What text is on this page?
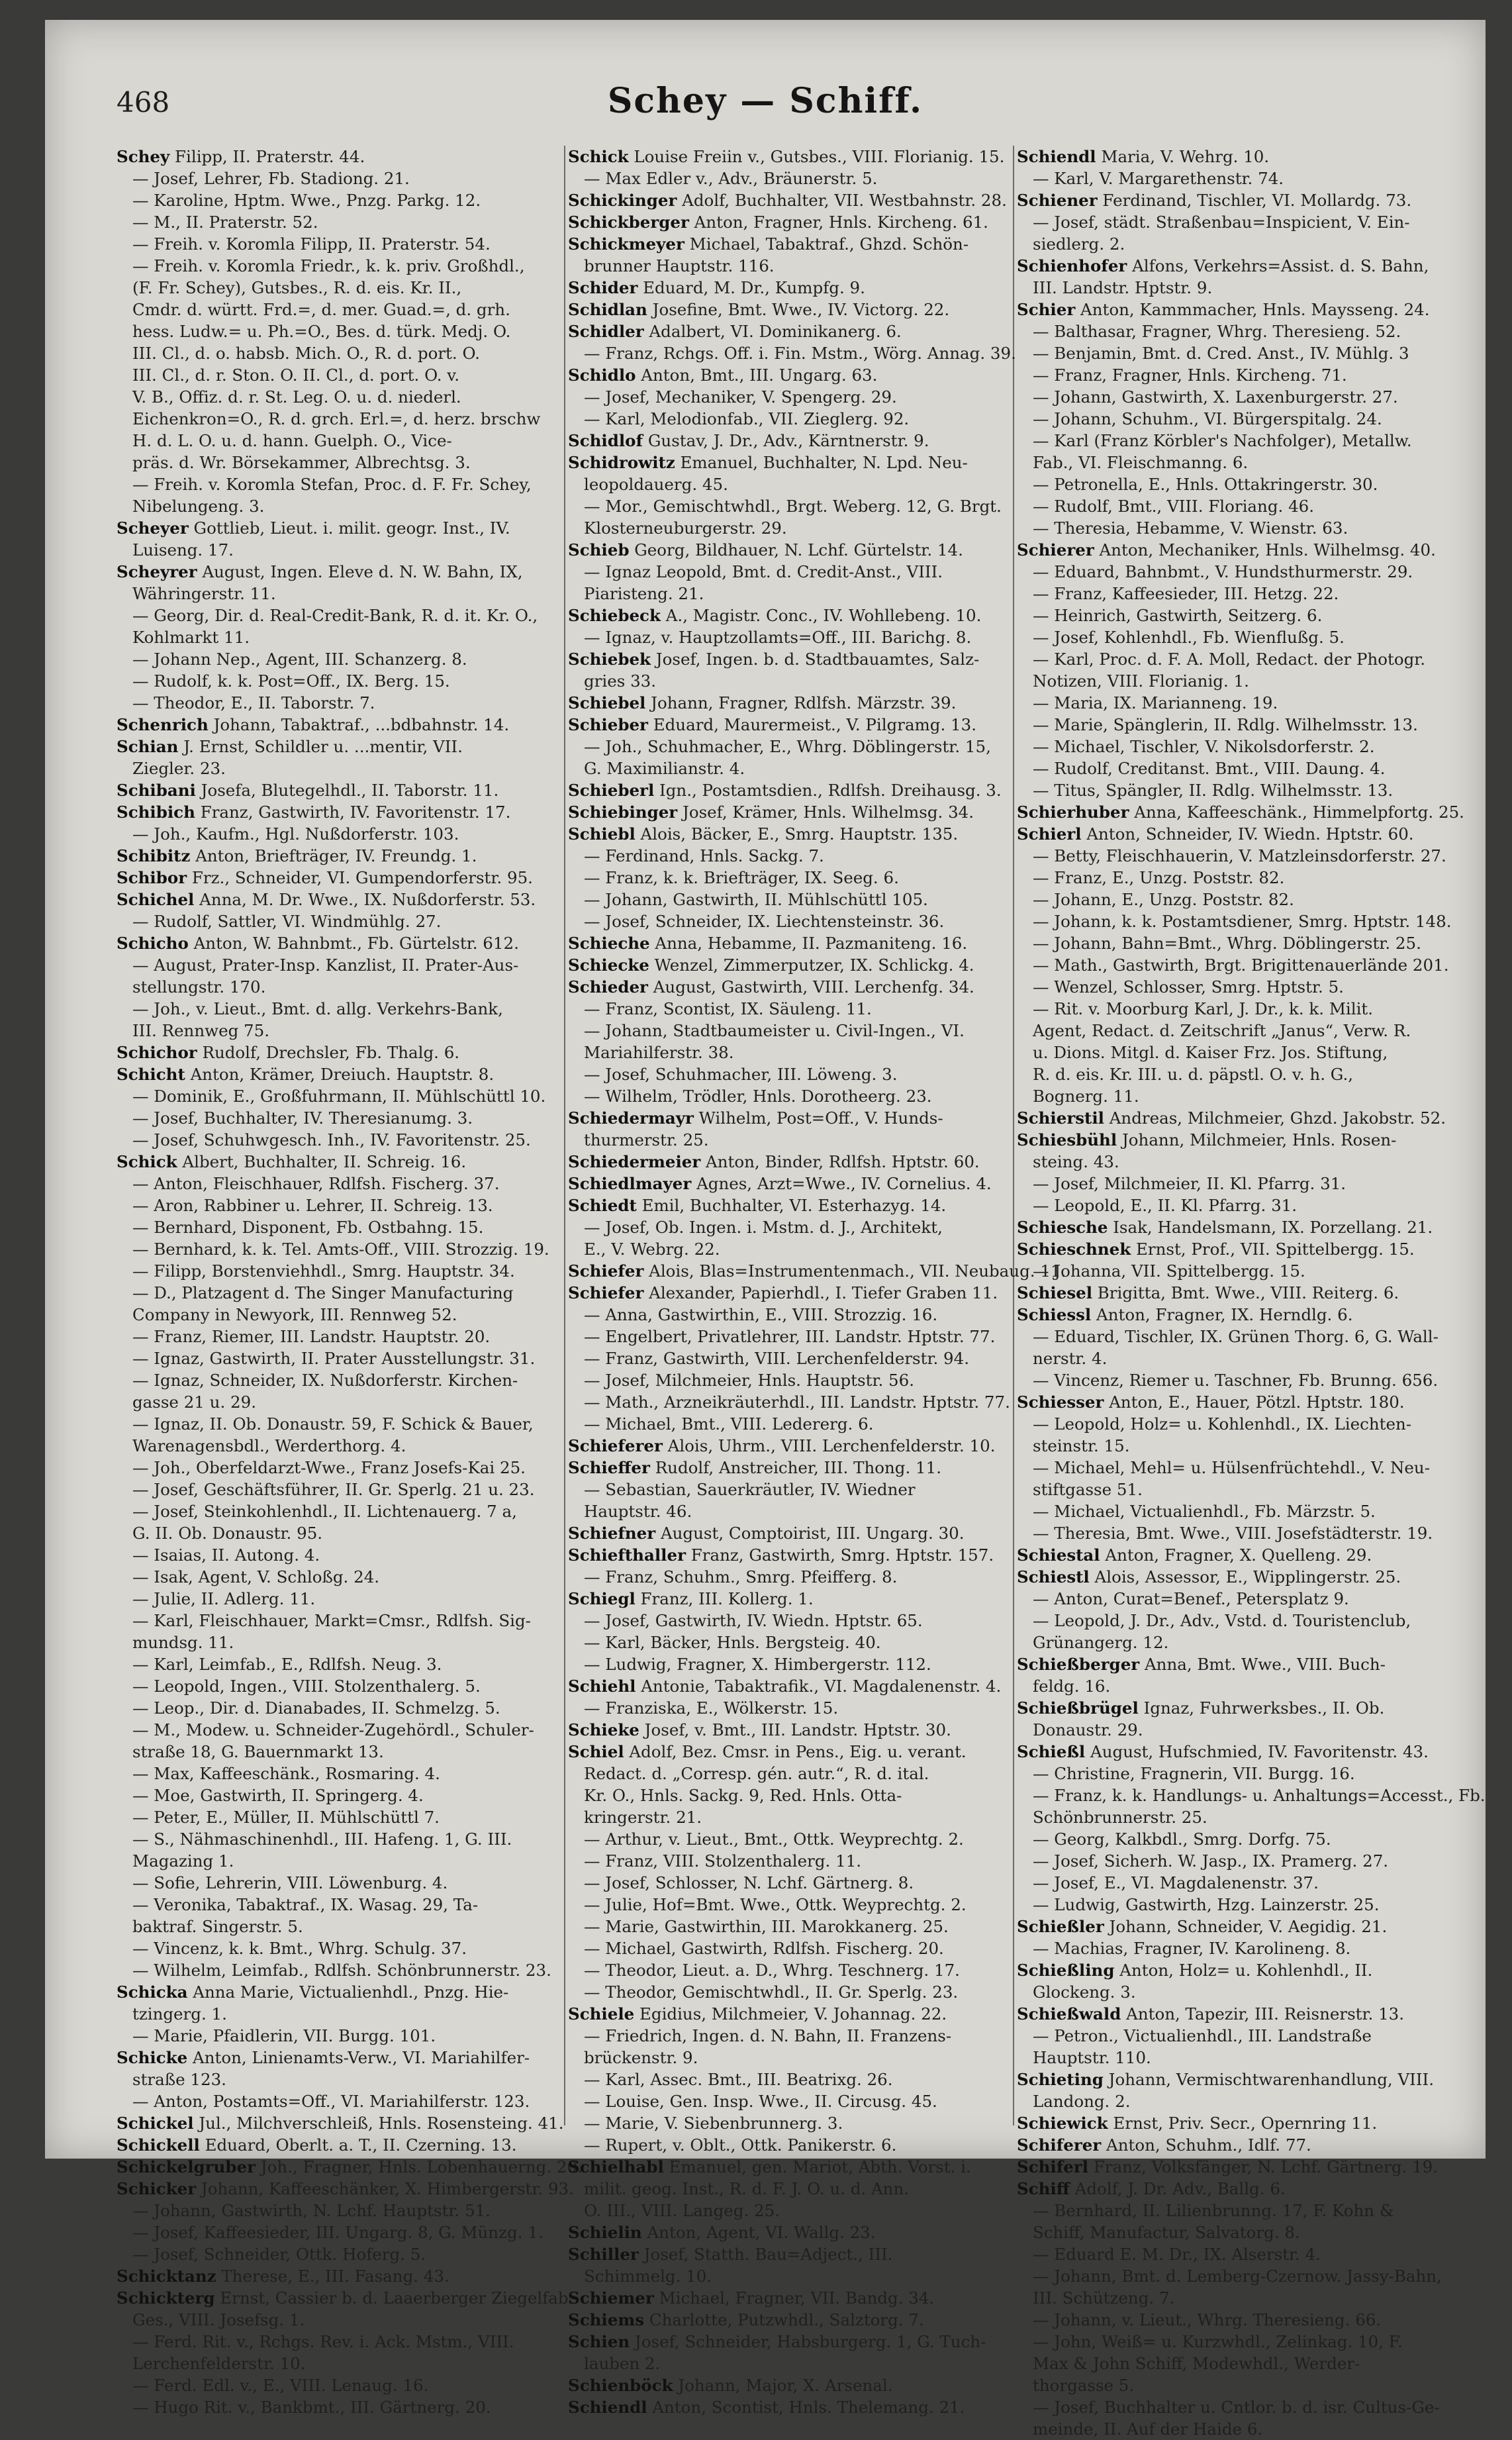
468	Schey — Schiff.

Schey Filipp, II. Praterstr. 44.

— Josef, Lehrer, Fb. Stadiong. 21.

— Karoline, Hptm. Wwe., Pnzg. Parkg. 12.

— M., II. Praterstr. 52.

— Freih. v. Koromla Filipp, II. Praterstr. 54.

— Freih. v. Koromla Friedr., k. k. priv. Großhdl.,

(F. Fr. Schey), Gutsbes., R. d. eis. Kr. II.,

Cmdr. d. württ. Frd.=, d. mer. Guad.=, d. grh.

hess. Ludw.= u. Ph.=O., Bes. d. türk. Medj. O.

III. Cl., d. o. habsb. Mich. O., R. d. port. O.

III. Cl., d. r. Ston. O. II. Cl., d. port. O. v.

V. B., Offiz. d. r. St. Leg. O. u. d. niederl.

Eichenkron=O., R. d. grch. Erl.=, d. herz. brschw

H. d. L. O. u. d. hann. Guelph. O., Vice-

präs. d. Wr. Börsekammer, Albrechtsg. 3.

— Freih. v. Koromla Stefan, Proc. d. F. Fr. Schey,

Nibelungeng. 3.

Scheyer Gottlieb, Lieut. i. milit. geogr. Inst., IV.

Luiseng. 17.

Scheyrer August, Ingen. Eleve d. N. W. Bahn, IX,

Währingerstr. 11.

— Georg, Dir. d. Real-Credit-Bank, R. d. it. Kr. O.,

Kohlmarkt 11.

— Johann Nep., Agent, III. Schanzerg. 8.

— Rudolf, k. k. Post=Off., IX. Berg. 15.

— Theodor, E., II. Taborstr. 7.

Schenrich Johann, Tabaktraf., ...bdbahnstr. 14.

Schian J. Ernst, Schildler u. ...mentir, VII.

Ziegler. 23.

Schibani Josefa, Blutegelhdl., II. Taborstr. 11.

Schibich Franz, Gastwirth, IV. Favoritenstr. 17.

— Joh., Kaufm., Hgl. Nußdorferstr. 103.

Schibitz Anton, Briefträger, IV. Freundg. 1.

Schibor Frz., Schneider, VI. Gumpendorferstr. 95.

Schichel Anna, M. Dr. Wwe., IX. Nußdorferstr. 53.

— Rudolf, Sattler, VI. Windmühlg. 27.

Schicho Anton, W. Bahnbmt., Fb. Gürtelstr. 612.

— August, Prater-Insp. Kanzlist, II. Prater-Aus-

stellungstr. 170.

— Joh., v. Lieut., Bmt. d. allg. Verkehrs-Bank,

III. Rennweg 75.

Schichor Rudolf, Drechsler, Fb. Thalg. 6.

Schicht Anton, Krämer, Dreiuch. Hauptstr. 8.

— Dominik, E., Großfuhrmann, II. Mühlschüttl 10.

— Josef, Buchhalter, IV. Theresianumg. 3.

— Josef, Schuhwgesch. Inh., IV. Favoritenstr. 25.

Schick Albert, Buchhalter, II. Schreig. 16.

— Anton, Fleischhauer, Rdlfsh. Fischerg. 37.

— Aron, Rabbiner u. Lehrer, II. Schreig. 13.

— Bernhard, Disponent, Fb. Ostbahng. 15.

— Bernhard, k. k. Tel. Amts-Off., VIII. Strozzig. 19.

— Filipp, Borstenviehhdl., Smrg. Hauptstr. 34.

— D., Platzagent d. The Singer Manufacturing

Company in Newyork, III. Rennweg 52.

— Franz, Riemer, III. Landstr. Hauptstr. 20.

— Ignaz, Gastwirth, II. Prater Ausstellungstr. 31.

— Ignaz, Schneider, IX. Nußdorferstr. Kirchen-

gasse 21 u. 29.

— Ignaz, II. Ob. Donaustr. 59, F. Schick & Bauer,

Warenagensbdl., Werderthorg. 4.

— Joh., Oberfeldarzt-Wwe., Franz Josefs-Kai 25.

— Josef, Geschäftsführer, II. Gr. Sperlg. 21 u. 23.

— Josef, Steinkohlenhdl., II. Lichtenauerg. 7 a,

G. II. Ob. Donaustr. 95.

— Isaias, II. Autong. 4.

— Isak, Agent, V. Schloßg. 24.

— Julie, II. Adlerg. 11.

— Karl, Fleischhauer, Markt=Cmsr., Rdlfsh. Sig-

mundsg. 11.

— Karl, Leimfab., E., Rdlfsh. Neug. 3.

— Leopold, Ingen., VIII. Stolzenthalerg. 5.

— Leop., Dir. d. Dianabades, II. Schmelzg. 5.

— M., Modew. u. Schneider-Zugehördl., Schuler-

straße 18, G. Bauernmarkt 13.

— Max, Kaffeeschänk., Rosmaring. 4.

— Moe, Gastwirth, II. Springerg. 4.

— Peter, E., Müller, II. Mühlschüttl 7.

— S., Nähmaschinenhdl., III. Hafeng. 1, G. III.

Magazing 1.

— Sofie, Lehrerin, VIII. Löwenburg. 4.

— Veronika, Tabaktraf., IX. Wasag. 29, Ta-

baktraf. Singerstr. 5.

— Vincenz, k. k. Bmt., Whrg. Schulg. 37.

— Wilhelm, Leimfab., Rdlfsh. Schönbrunnerstr. 23.

Schicka Anna Marie, Victualienhdl., Pnzg. Hie-

tzingerg. 1.

— Marie, Pfaidlerin, VII. Burgg. 101.

Schicke Anton, Linienamts-Verw., VI. Mariahilfer-

straße 123.

— Anton, Postamts=Off., VI. Mariahilferstr. 123.

Schickel Jul., Milchverschleiß, Hnls. Rosensteing. 41.

Schickell Eduard, Oberlt. a. T., II. Czerning. 13.

Schickelgruber Joh., Fragner, Hnls. Lobenhauerng. 20.

Schicker Johann, Kaffeeschänker, X. Himbergerstr. 93.

— Johann, Gastwirth, N. Lchf. Hauptstr. 51.

— Josef, Kaffeesieder, III. Ungarg. 8, G. Münzg. 1.

— Josef, Schneider, Ottk. Hoferg. 5.

Schicktanz Therese, E., III. Fasang. 43.

Schickterg Ernst, Cassier b. d. Laaerberger Ziegelfab.

Ges., VIII. Josefsg. 1.

— Ferd. Rit. v., Rchgs. Rev. i. Ack. Mstm., VIII.

Lerchenfelderstr. 10.

— Ferd. Edl. v., E., VIII. Lenaug. 16.

— Hugo Rit. v., Bankbmt., III. Gärtnerg. 20.

Schick Louise Freiin v., Gutsbes., VIII. Florianig. 15.

— Max Edler v., Adv., Bräunerstr. 5.

Schickinger Adolf, Buchhalter, VII. Westbahnstr. 28.

Schickberger Anton, Fragner, Hnls. Kircheng. 61.

Schickmeyer Michael, Tabaktraf., Ghzd. Schön-

brunner Hauptstr. 116.

Schider Eduard, M. Dr., Kumpfg. 9.

Schidlan Josefine, Bmt. Wwe., IV. Victorg. 22.

Schidler Adalbert, VI. Dominikanerg. 6.

— Franz, Rchgs. Off. i. Fin. Mstm., Wörg. Annag. 39.

Schidlo Anton, Bmt., III. Ungarg. 63.

— Josef, Mechaniker, V. Spengerg. 29.

— Karl, Melodionfab., VII. Zieglerg. 92.

Schidlof Gustav, J. Dr., Adv., Kärntnerstr. 9.

Schidrowitz Emanuel, Buchhalter, N. Lpd. Neu-

leopoldauerg. 45.

— Mor., Gemischtwhdl., Brgt. Weberg. 12, G. Brgt.

Klosterneuburgerstr. 29.

Schieb Georg, Bildhauer, N. Lchf. Gürtelstr. 14.

— Ignaz Leopold, Bmt. d. Credit-Anst., VIII.

Piaristeng. 21.

Schiebeck A., Magistr. Conc., IV. Wohllebeng. 10.

— Ignaz, v. Hauptzollamts=Off., III. Barichg. 8.

Schiebek Josef, Ingen. b. d. Stadtbauamtes, Salz-

gries 33.

Schiebel Johann, Fragner, Rdlfsh. Märzstr. 39.

Schieber Eduard, Maurermeist., V. Pilgramg. 13.

— Joh., Schuhmacher, E., Whrg. Döblingerstr. 15,

G. Maximilianstr. 4.

Schieberl Ign., Postamtsdien., Rdlfsh. Dreihausg. 3.

Schiebinger Josef, Krämer, Hnls. Wilhelmsg. 34.

Schiebl Alois, Bäcker, E., Smrg. Hauptstr. 135.

— Ferdinand, Hnls. Sackg. 7.

— Franz, k. k. Briefträger, IX. Seeg. 6.

— Johann, Gastwirth, II. Mühlschüttl 105.

— Josef, Schneider, IX. Liechtensteinstr. 36.

Schieche Anna, Hebamme, II. Pazmaniteng. 16.

Schiecke Wenzel, Zimmerputzer, IX. Schlickg. 4.

Schieder August, Gastwirth, VIII. Lerchenfg. 34.

— Franz, Scontist, IX. Säuleng. 11.

— Johann, Stadtbaumeister u. Civil-Ingen., VI.

Mariahilferstr. 38.

— Josef, Schuhmacher, III. Löweng. 3.

— Wilhelm, Trödler, Hnls. Dorotheerg. 23.

Schiedermayr Wilhelm, Post=Off., V. Hunds-

thurmerstr. 25.

Schiedermeier Anton, Binder, Rdlfsh. Hptstr. 60.

Schiedlmayer Agnes, Arzt=Wwe., IV. Cornelius. 4.

Schiedt Emil, Buchhalter, VI. Esterhazyg. 14.

— Josef, Ob. Ingen. i. Mstm. d. J., Architekt,

E., V. Webrg. 22.

Schiefer Alois, Blas=Instrumentenmach., VII. Neubaug. 11.

Schiefer Alexander, Papierhdl., I. Tiefer Graben 11.

— Anna, Gastwirthin, E., VIII. Strozzig. 16.

— Engelbert, Privatlehrer, III. Landstr. Hptstr. 77.

— Franz, Gastwirth, VIII. Lerchenfelderstr. 94.

— Josef, Milchmeier, Hnls. Hauptstr. 56.

— Math., Arzneikräuterhdl., III. Landstr. Hptstr. 77.

— Michael, Bmt., VIII. Ledererg. 6.

Schieferer Alois, Uhrm., VIII. Lerchenfelderstr. 10.

Schieffer Rudolf, Anstreicher, III. Thong. 11.

— Sebastian, Sauerkräutler, IV. Wiedner

Hauptstr. 46.

Schiefner August, Comptoirist, III. Ungarg. 30.

Schiefthaller Franz, Gastwirth, Smrg. Hptstr. 157.

— Franz, Schuhm., Smrg. Pfeifferg. 8.

Schiegl Franz, III. Kollerg. 1.

— Josef, Gastwirth, IV. Wiedn. Hptstr. 65.

— Karl, Bäcker, Hnls. Bergsteig. 40.

— Ludwig, Fragner, X. Himbergerstr. 112.

Schiehl Antonie, Tabaktrafik., VI. Magdalenenstr. 4.

— Franziska, E., Wölkerstr. 15.

Schieke Josef, v. Bmt., III. Landstr. Hptstr. 30.

Schiel Adolf, Bez. Cmsr. in Pens., Eig. u. verant.

Redact. d. „Corresp. gén. autr.“, R. d. ital.

Kr. O., Hnls. Sackg. 9, Red. Hnls. Otta-

kringerstr. 21.

— Arthur, v. Lieut., Bmt., Ottk. Weyprechtg. 2.

— Franz, VIII. Stolzenthalerg. 11.

— Josef, Schlosser, N. Lchf. Gärtnerg. 8.

— Julie, Hof=Bmt. Wwe., Ottk. Weyprechtg. 2.

— Marie, Gastwirthin, III. Marokkanerg. 25.

— Michael, Gastwirth, Rdlfsh. Fischerg. 20.

— Theodor, Lieut. a. D., Whrg. Teschnerg. 17.

— Theodor, Gemischtwhdl., II. Gr. Sperlg. 23.

Schiele Egidius, Milchmeier, V. Johannag. 22.

— Friedrich, Ingen. d. N. Bahn, II. Franzens-

brückenstr. 9.

— Karl, Assec. Bmt., III. Beatrixg. 26.

— Louise, Gen. Insp. Wwe., II. Circusg. 45.

— Marie, V. Siebenbrunnerg. 3.

— Rupert, v. Oblt., Ottk. Panikerstr. 6.

Schielhabl Emanuel, gen. Mariot, Abth. Vorst. i.

milit. geog. Inst., R. d. F. J. O. u. d. Ann.

O. III., VIII. Langeg. 25.

Schielin Anton, Agent, VI. Wallg. 23.

Schiller Josef, Statth. Bau=Adject., III.

Schimmelg. 10.

Schiemer Michael, Fragner, VII. Bandg. 34.

Schiems Charlotte, Putzwhdl., Salztorg. 7.

Schien Josef, Schneider, Habsburgerg. 1, G. Tuch-

lauben 2.

Schienböck Johann, Major, X. Arsenal.

Schiendl Anton, Scontist, Hnls. Thelemang. 21.

Schiendl Maria, V. Wehrg. 10.

— Karl, V. Margarethenstr. 74.

Schiener Ferdinand, Tischler, VI. Mollardg. 73.

— Josef, städt. Straßenbau=Inspicient, V. Ein-

siedlerg. 2.

Schienhofer Alfons, Verkehrs=Assist. d. S. Bahn,

III. Landstr. Hptstr. 9.

Schier Anton, Kammmacher, Hnls. Maysseng. 24.

— Balthasar, Fragner, Whrg. Theresieng. 52.

— Benjamin, Bmt. d. Cred. Anst., IV. Mühlg. 3

— Franz, Fragner, Hnls. Kircheng. 71.

— Johann, Gastwirth, X. Laxenburgerstr. 27.

— Johann, Schuhm., VI. Bürgerspitalg. 24.

— Karl (Franz Körbler's Nachfolger), Metallw.

Fab., VI. Fleischmanng. 6.

— Petronella, E., Hnls. Ottakringerstr. 30.

— Rudolf, Bmt., VIII. Floriang. 46.

— Theresia, Hebamme, V. Wienstr. 63.

Schierer Anton, Mechaniker, Hnls. Wilhelmsg. 40.

— Eduard, Bahnbmt., V. Hundsthurmerstr. 29.

— Franz, Kaffeesieder, III. Hetzg. 22.

— Heinrich, Gastwirth, Seitzerg. 6.

— Josef, Kohlenhdl., Fb. Wienflußg. 5.

— Karl, Proc. d. F. A. Moll, Redact. der Photogr.

Notizen, VIII. Florianig. 1.

— Maria, IX. Marianneng. 19.

— Marie, Spänglerin, II. Rdlg. Wilhelmsstr. 13.

— Michael, Tischler, V. Nikolsdorferstr. 2.

— Rudolf, Creditanst. Bmt., VIII. Daung. 4.

— Titus, Spängler, II. Rdlg. Wilhelmsstr. 13.

Schierhuber Anna, Kaffeeschänk., Himmelpfortg. 25.

Schierl Anton, Schneider, IV. Wiedn. Hptstr. 60.

— Betty, Fleischhauerin, V. Matzleinsdorferstr. 27.

— Franz, E., Unzg. Poststr. 82.

— Johann, E., Unzg. Poststr. 82.

— Johann, k. k. Postamtsdiener, Smrg. Hptstr. 148.

— Johann, Bahn=Bmt., Whrg. Döblingerstr. 25.

— Math., Gastwirth, Brgt. Brigittenauerlände 201.

— Wenzel, Schlosser, Smrg. Hptstr. 5.

— Rit. v. Moorburg Karl, J. Dr., k. k. Milit.

Agent, Redact. d. Zeitschrift „Janus“, Verw. R.

u. Dions. Mitgl. d. Kaiser Frz. Jos. Stiftung,

R. d. eis. Kr. III. u. d. päpstl. O. v. h. G.,

Bognerg. 11.

Schierstil Andreas, Milchmeier, Ghzd. Jakobstr. 52.

Schiesbühl Johann, Milchmeier, Hnls. Rosen-

steing. 43.

— Josef, Milchmeier, II. Kl. Pfarrg. 31.

— Leopold, E., II. Kl. Pfarrg. 31.

Schiesche Isak, Handelsmann, IX. Porzellang. 21.

Schieschnek Ernst, Prof., VII. Spittelbergg. 15.

— Johanna, VII. Spittelbergg. 15.

Schiesel Brigitta, Bmt. Wwe., VIII. Reiterg. 6.

Schiessl Anton, Fragner, IX. Herndlg. 6.

— Eduard, Tischler, IX. Grünen Thorg. 6, G. Wall-

nerstr. 4.

— Vincenz, Riemer u. Taschner, Fb. Brunng. 656.

Schiesser Anton, E., Hauer, Pötzl. Hptstr. 180.

— Leopold, Holz= u. Kohlenhdl., IX. Liechten-

steinstr. 15.

— Michael, Mehl= u. Hülsenfrüchtehdl., V. Neu-

stiftgasse 51.

— Michael, Victualienhdl., Fb. Märzstr. 5.

— Theresia, Bmt. Wwe., VIII. Josefstädterstr. 19.

Schiestal Anton, Fragner, X. Quelleng. 29.

Schiestl Alois, Assessor, E., Wipplingerstr. 25.

— Anton, Curat=Benef., Petersplatz 9.

— Leopold, J. Dr., Adv., Vstd. d. Touristenclub,

Grünangerg. 12.

Schießberger Anna, Bmt. Wwe., VIII. Buch-

feldg. 16.

Schießbrügel Ignaz, Fuhrwerksbes., II. Ob.

Donaustr. 29.

Schießl August, Hufschmied, IV. Favoritenstr. 43.

— Christine, Fragnerin, VII. Burgg. 16.

— Franz, k. k. Handlungs- u. Anhaltungs=Accesst., Fb.

Schönbrunnerstr. 25.

— Georg, Kalkbdl., Smrg. Dorfg. 75.

— Josef, Sicherh. W. Jasp., IX. Pramerg. 27.

— Josef, E., VI. Magdalenenstr. 37.

— Ludwig, Gastwirth, Hzg. Lainzerstr. 25.

Schießler Johann, Schneider, V. Aegidig. 21.

— Machias, Fragner, IV. Karolineng. 8.

Schießling Anton, Holz= u. Kohlenhdl., II.

Glockeng. 3.

Schießwald Anton, Tapezir, III. Reisnerstr. 13.

— Petron., Victualienhdl., III. Landstraße

Hauptstr. 110.

Schieting Johann, Vermischtwarenhandlung, VIII.

Landong. 2.

Schiewick Ernst, Priv. Secr., Opernring 11.

Schiferer Anton, Schuhm., Idlf. 77.

Schiferl Franz, Volksfänger, N. Lchf. Gärtnerg. 19.

Schiff Adolf, J. Dr. Adv., Ballg. 6.

— Bernhard, II. Lilienbrunng. 17, F. Kohn &

Schiff, Manufactur, Salvatorg. 8.

— Eduard E. M. Dr., IX. Alserstr. 4.

— Johann, Bmt. d. Lemberg-Czernow. Jassy-Bahn,

III. Schützeng. 7.

— Johann, v. Lieut., Whrg. Theresieng. 66.

— John, Weiß= u. Kurzwhdl., Zelinkag. 10, F.

Max & John Schiff, Modewhdl., Werder-

thorgasse 5.

— Josef, Buchhalter u. Cntlor. b. d. isr. Cultus-Ge-

meinde, II. Auf der Haide 6.
